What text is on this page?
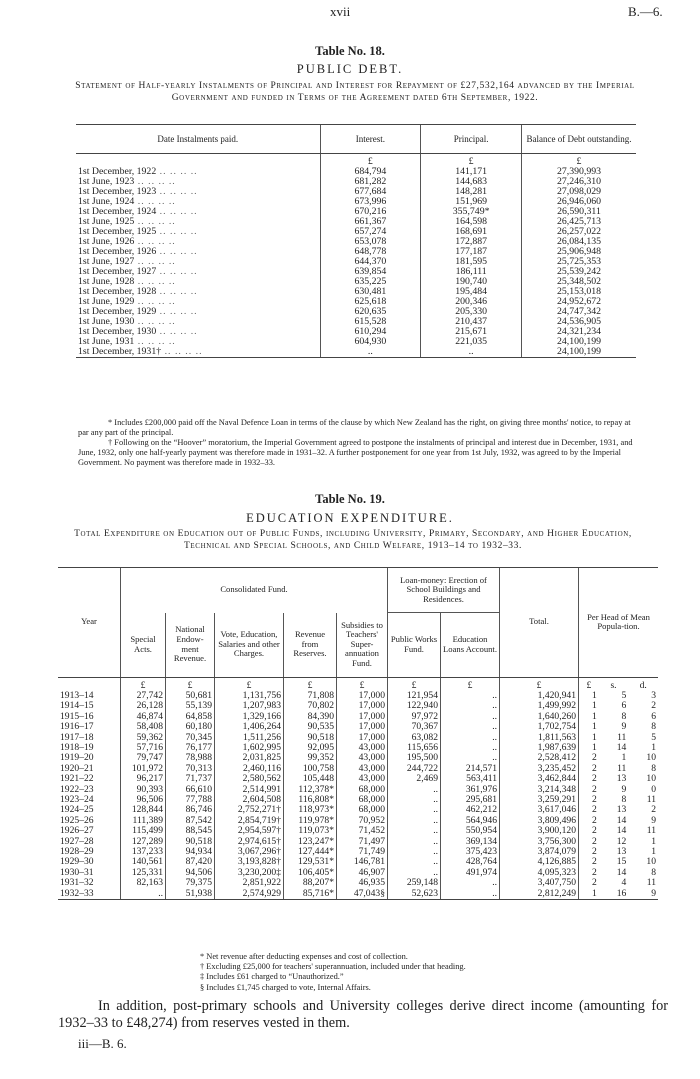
xvii	B.—6.
Table No. 18.
PUBLIC DEBT.
Statement of Half-yearly Instalments of Principal and Interest for Repayment of £27,532,164 advanced by the Imperial Government and funded in Terms of the Agreement dated 6th September, 1922.
Date Instalments paid.	Interest.	Principal.	Balance of Debt outstanding.
	£	£	£
1st December, 1922 .. .. .. ..	684,794	141,171	27,390,993
1st June, 1923 .. .. .. ..	681,282	144,683	27,246,310
1st December, 1923 .. .. .. ..	677,684	148,281	27,098,029
1st June, 1924 .. .. .. ..	673,996	151,969	26,946,060
1st December, 1924 .. .. .. ..	670,216	355,749*	26,590,311
1st June, 1925 .. .. .. ..	661,367	164,598	26,425,713
1st December, 1925 .. .. .. ..	657,274	168,691	26,257,022
1st June, 1926 .. .. .. ..	653,078	172,887	26,084,135
1st December, 1926 .. .. .. ..	648,778	177,187	25,906,948
1st June, 1927 .. .. .. ..	644,370	181,595	25,725,353
1st December, 1927 .. .. .. ..	639,854	186,111	25,539,242
1st June, 1928 .. .. .. ..	635,225	190,740	25,348,502
1st December, 1928 .. .. .. ..	630,481	195,484	25,153,018
1st June, 1929 .. .. .. ..	625,618	200,346	24,952,672
1st December, 1929 .. .. .. ..	620,635	205,330	24,747,342
1st June, 1930 .. .. .. ..	615,528	210,437	24,536,905
1st December, 1930 .. .. .. ..	610,294	215,671	24,321,234
1st June, 1931 .. .. .. ..	604,930	221,035	24,100,199
1st December, 1931† .. .. .. ..	..	..	24,100,199
* Includes £200,000 paid off the Naval Defence Loan in terms of the clause by which New Zealand has the right, on giving three months' notice, to repay at par any part of the principal.
† Following on the “Hoover” moratorium, the Imperial Government agreed to postpone the instalments of principal and interest due in December, 1931, and June, 1932, only one half-yearly payment was therefore made in 1931–32. A further postponement for one year from 1st July, 1932, was agreed to by the Imperial Government. No payment was therefore made in 1932–33.
Table No. 19.
EDUCATION EXPENDITURE.
Total Expenditure on Education out of Public Funds, including University, Primary, Secondary, and Higher Education, Technical and Special Schools, and Child Welfare, 1913–14 to 1932–33.
Year	Consolidated Fund.					Loan-money: Erection of School Buildings and Residences.		Total.	Per Head of Mean Popula-tion.		
	Special Acts.	National Endow-ment Revenue.	Vote, Education, Salaries and other Charges.	Revenue from Reserves.	Subsidies to Teachers' Super-annuation Fund.	Public Works Fund.	Education Loans Account.				
	£	£	£	£	£	£	£	£	£	s.	d.
1913–14	27,742	50,681	1,131,756	71,808	17,000	121,954	..	1,420,941	1	5	3
1914–15	26,128	55,139	1,207,983	70,802	17,000	122,940	..	1,499,992	1	6	2
1915–16	46,874	64,858	1,329,166	84,390	17,000	97,972	..	1,640,260	1	8	6
1916–17	58,408	60,180	1,406,264	90,535	17,000	70,367	..	1,702,754	1	9	8
1917–18	59,362	70,345	1,511,256	90,518	17,000	63,082	..	1,811,563	1	11	5
1918–19	57,716	76,177	1,602,995	92,095	43,000	115,656	..	1,987,639	1	14	1
1919–20	79,747	78,988	2,031,825	99,352	43,000	195,500	..	2,528,412	2	1	10
1920–21	101,972	70,313	2,460,116	100,758	43,000	244,722	214,571	3,235,452	2	11	8
1921–22	96,217	71,737	2,580,562	105,448	43,000	2,469	563,411	3,462,844	2	13	10
1922–23	90,393	66,610	2,514,991	112,378*	68,000	..	361,976	3,214,348	2	9	0
1923–24	96,506	77,788	2,604,508	116,808*	68,000	..	295,681	3,259,291	2	8	11
1924–25	128,844	86,746	2,752,271†	118,973*	68,000	..	462,212	3,617,046	2	13	2
1925–26	111,389	87,542	2,854,719†	119,978*	70,952	..	564,946	3,809,496	2	14	9
1926–27	115,499	88,545	2,954,597†	119,073*	71,452	..	550,954	3,900,120	2	14	11
1927–28	127,289	90,518	2,974,615†	123,247*	71,497	..	369,134	3,756,300	2	12	1
1928–29	137,233	94,934	3,067,296†	127,444*	71,749	..	375,423	3,874,079	2	13	1
1929–30	140,561	87,420	3,193,828†	129,531*	146,781	..	428,764	4,126,885	2	15	10
1930–31	125,331	94,506	3,230,200‡	106,405*	46,907	..	491,974	4,095,323	2	14	8
1931–32	82,163	79,375	2,851,922	88,207*	46,935	259,148	..	3,407,750	2	4	11
1932–33	..	51,938	2,574,929	85,716*	47,043§	52,623	..	2,812,249	1	16	9
* Net revenue after deducting expenses and cost of collection.
† Excluding £25,000 for teachers' superannuation, included under that heading.
‡ Includes £61 charged to “Unauthorized.”
§ Includes £1,745 charged to vote, Internal Affairs.
In addition, post-primary schools and University colleges derive direct income (amounting for 1932–33 to £48,274) from reserves vested in them.
iii—B. 6.
